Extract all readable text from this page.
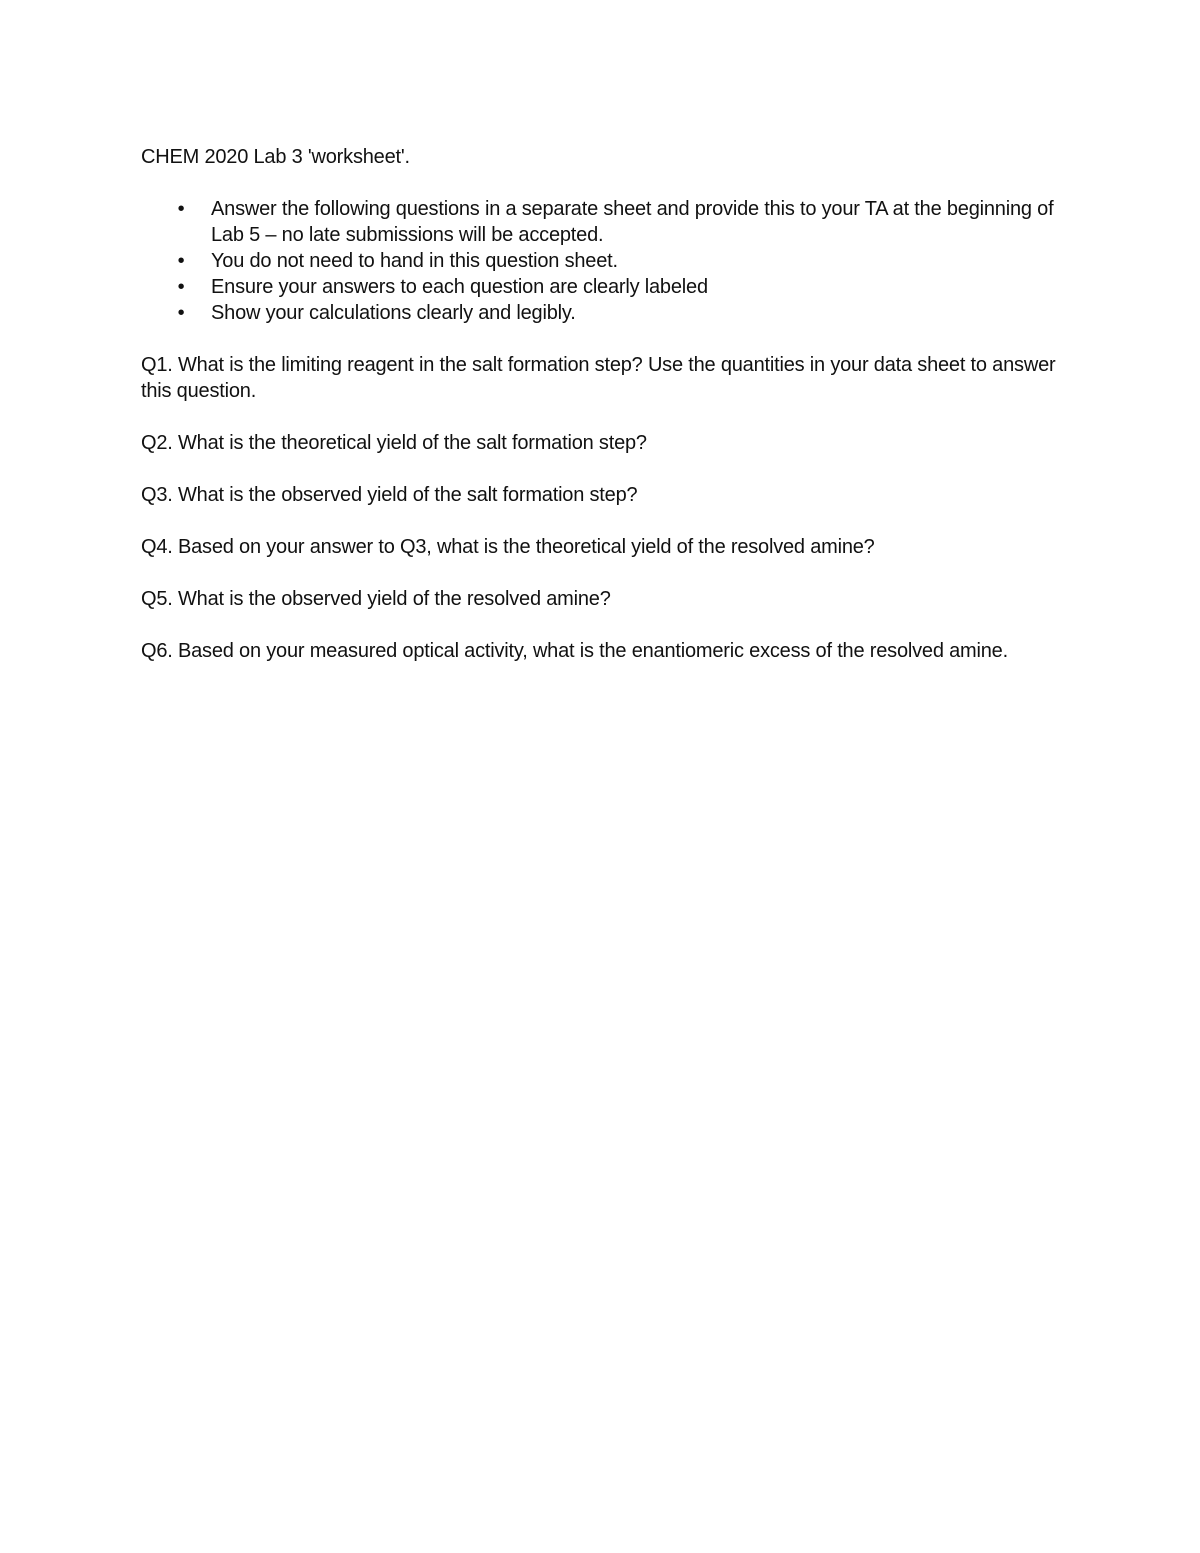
CHEM 2020 Lab 3 'worksheet'.

• Answer the following questions in a separate sheet and provide this to your TA at the beginning of Lab 5 – no late submissions will be accepted.
• You do not need to hand in this question sheet.
• Ensure your answers to each question are clearly labeled
• Show your calculations clearly and legibly.

Q1. What is the limiting reagent in the salt formation step? Use the quantities in your data sheet to answer this question.

Q2. What is the theoretical yield of the salt formation step?

Q3. What is the observed yield of the salt formation step?

Q4. Based on your answer to Q3, what is the theoretical yield of the resolved amine?

Q5. What is the observed yield of the resolved amine?

Q6. Based on your measured optical activity, what is the enantiomeric excess of the resolved amine.
